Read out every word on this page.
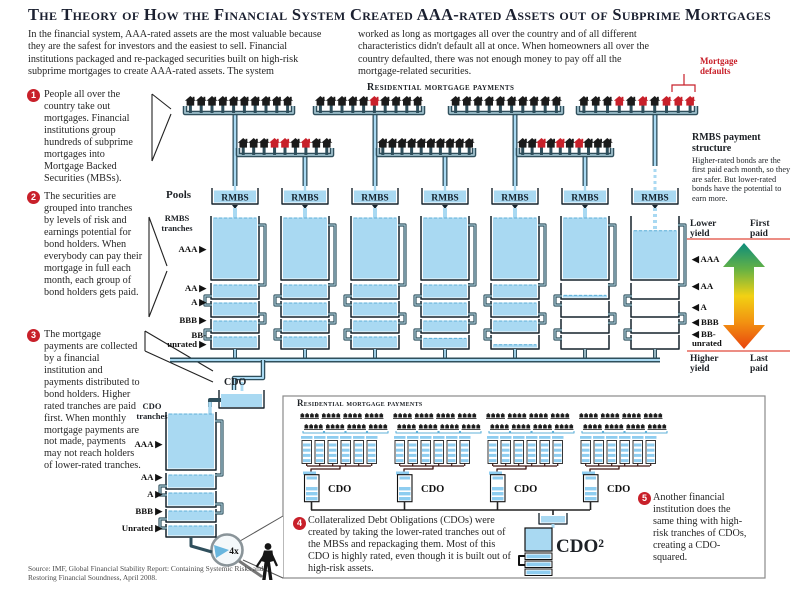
4x
RMBS	RMBS	RMBS	RMBS	RMBS	RMBS	RMBS
AAA ▶
AA ▶
A ▶
BBB ▶
BB-unrated ▶
AAA ▶
AA ▶
A ▶
BBB ▶
Unrated ▶
◀ AAA
◀ AA
◀ A
◀ BBB
◀ BB-unrated
CDO	CDO	CDO	CDO
The Theory of How the Financial System Created AAA-rated Assets out of Subprime Mortgages
In the financial system, AAA-rated assets are the most valuable because they are the safest for investors and the easiest to sell. Financial institutions packaged and re-packaged securities built on high-risk subprime mortgages to create AAA-rated assets. The system
worked as long as mortgages all over the country and of all different characteristics didn't default all at once. When homeowners all over the country defaulted, there was not enough money to pay off all the mortgage-related securities.
1 People all over the country take out mortgages. Financial institutions group hundreds of subprime mortgages into Mortgage Backed Securities (MBSs).
2 The securities are grouped into tranches by levels of risk and earnings potential for bond holders. When everybody can pay their mortgage in full each month, each group of bond holders gets paid.
3 The mortgage payments are collected by a financial institution and payments distributed to bond holders. Higher rated tranches are paid first. When monthly mortgage payments are not made, payments may not reach holders of lower-rated tranches.
Source: IMF, Global Financial Stability Report: Containing Systemic Risks and Restoring Financial Soundness, April 2008.
Residential mortgage payments
Mortgage defaults
Pools
RMBS tranches
RMBS payment structure
Higher-rated bonds are the first paid each month, so they are safer. But lower-rated bonds have the potential to earn more.
Lower yield
First paid
Higher yield
Last paid
CDO
CDO tranches
Residential mortgage payments
CDO²
4 Collateralized Debt Obligations (CDOs) were created by taking the lower-rated tranches out of the MBSs and repackaging them. Most of this CDO is highly rated, even though it is built out of high-risk assets.
5 Another financial institution does the same thing with high-risk tranches of CDOs, creating a CDO-squared.
